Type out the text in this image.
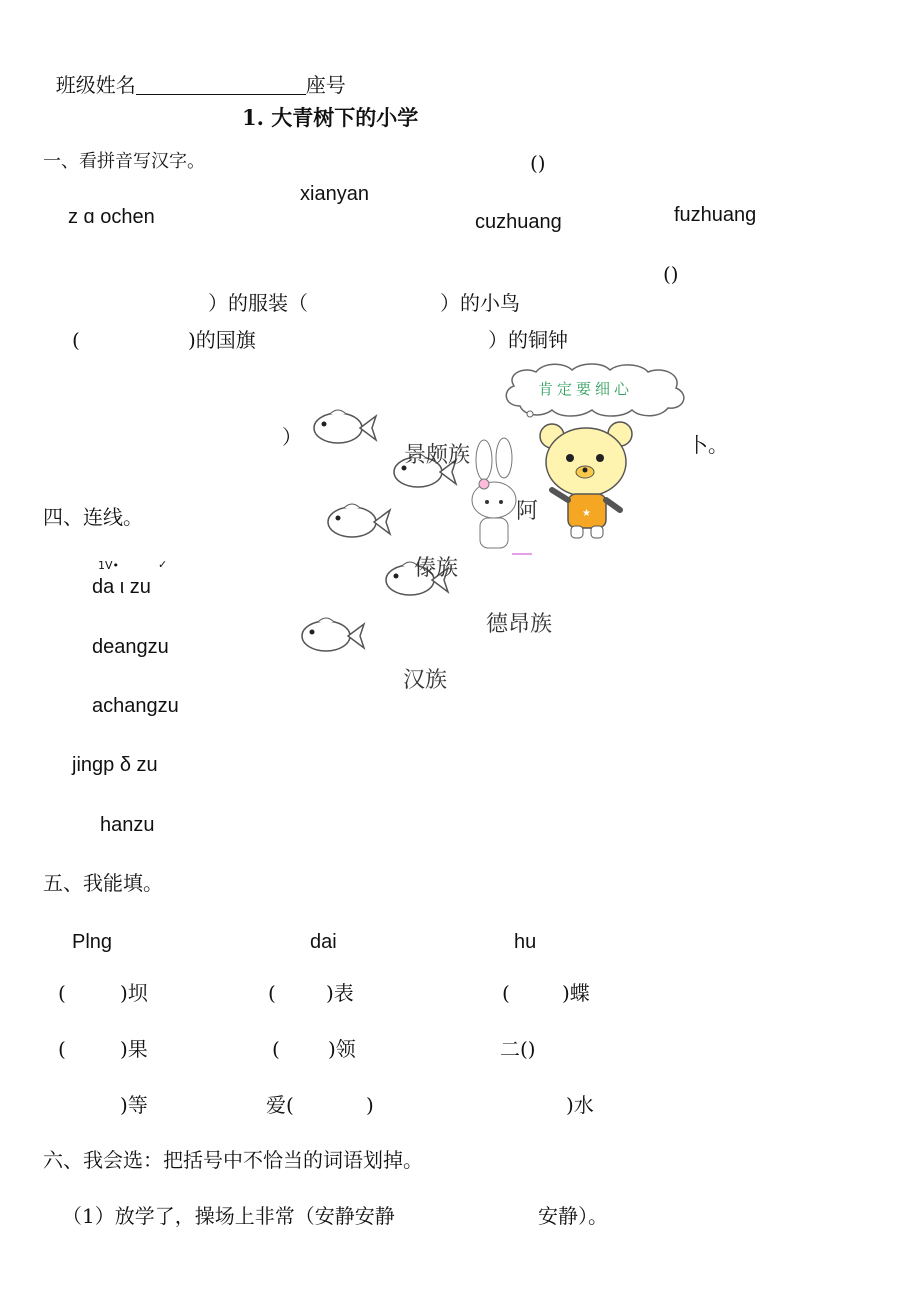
班级姓名	座号

1. 大青树下的小学
一、看拼音写汉字。	()
xianyan
z ɑ ochen	cuzhuang	fuzhuang
()
）的服装（	）的小鸟
(	)的国旗	）的铜钟
肯定要细心
★
）	卜。
景颇族
阿
傣族
德昂族
汉族
四、连线。
1V•	✓
da ι zu
deangzu
achangzu
jingp δ zu
hanzu
五、我能填。
Plng	dai	hu
(	)坝	(	)表	(	)蝶
(	)果	( )领	二()
)等	爱(	)	)水
六、我会选：把括号中不恰当的词语划掉。
（1）放学了，操场上非常（安静安静	安静）。
